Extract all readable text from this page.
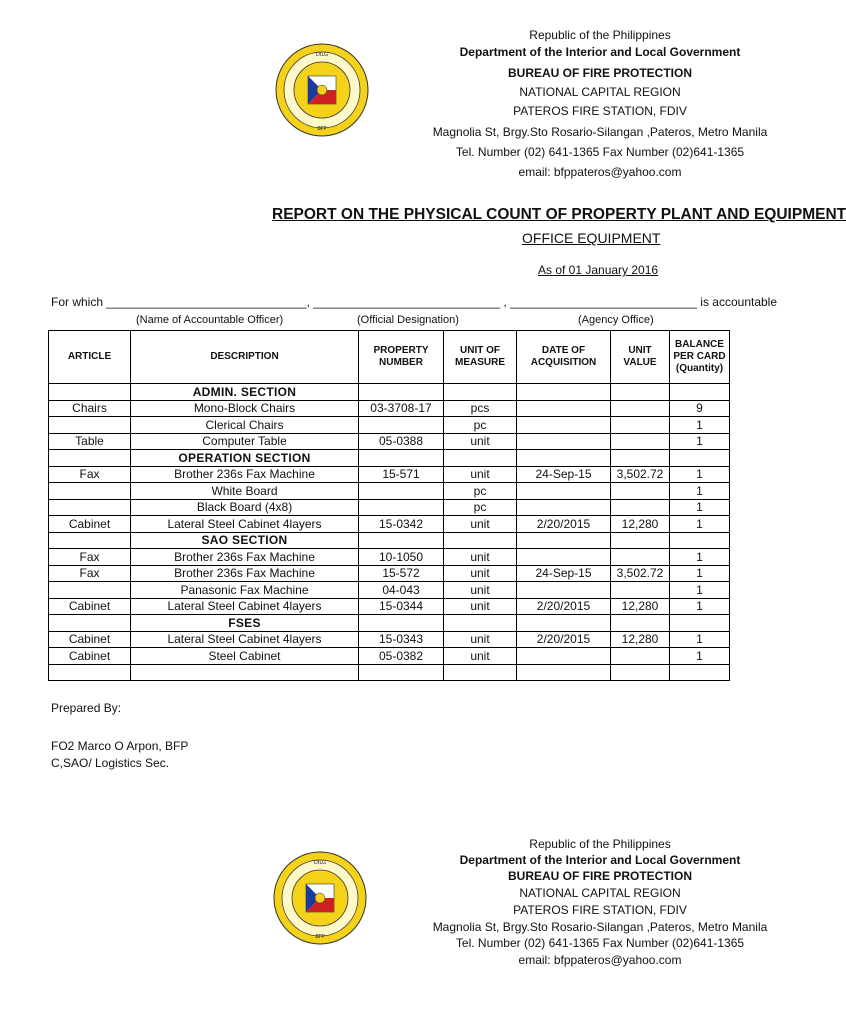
DILG
BFP
Republic of the Philippines
Department of the Interior and Local Government
BUREAU OF FIRE PROTECTION
NATIONAL CAPITAL REGION
PATEROS FIRE STATION, FDIV
Magnolia St, Brgy.Sto Rosario-Silangan ,Pateros, Metro Manila
Tel. Number (02) 641-1365 Fax Number (02)641-1365
email: bfppateros@yahoo.com
REPORT ON THE PHYSICAL COUNT OF PROPERTY PLANT AND EQUIPMENT
OFFICE EQUIPMENT
As of 01 January 2016
For which ______________________________, ____________________________ , ____________________________ is accountable
(Name of Accountable Officer)	(Official Designation)	(Agency Office)
ARTICLE	DESCRIPTION	PROPERTY NUMBER	UNIT OF MEASURE	DATE OF ACQUISITION	UNIT VALUE	BALANCE PER CARD (Quantity)
	ADMIN. SECTION					
Chairs	Mono-Block Chairs	03-3708-17	pcs			9
	Clerical Chairs		pc			1
Table	Computer Table	05-0388	unit			1
	OPERATION SECTION					
Fax	Brother 236s Fax Machine	15-571	unit	24-Sep-15	3,502.72	1
	White Board		pc			1
	Black Board (4x8)		pc			1
Cabinet	Lateral Steel Cabinet 4layers	15-0342	unit	2/20/2015	12,280	1
	SAO SECTION					
Fax	Brother 236s Fax Machine	10-1050	unit			1
Fax	Brother 236s Fax Machine	15-572	unit	24-Sep-15	3,502.72	1
	Panasonic Fax Machine	04-043	unit			1
Cabinet	Lateral Steel Cabinet 4layers	15-0344	unit	2/20/2015	12,280	1
	FSES					
Cabinet	Lateral Steel Cabinet 4layers	15-0343	unit	2/20/2015	12,280	1
Cabinet	Steel Cabinet	05-0382	unit			1

Prepared By:
FO2 Marco O Arpon, BFP
C,SAO/ Logistics Sec.
DILG
BFP
Republic of the Philippines
Department of the Interior and Local Government
BUREAU OF FIRE PROTECTION
NATIONAL CAPITAL REGION
PATEROS FIRE STATION, FDIV
Magnolia St, Brgy.Sto Rosario-Silangan ,Pateros, Metro Manila
Tel. Number (02) 641-1365 Fax Number (02)641-1365
email: bfppateros@yahoo.com
